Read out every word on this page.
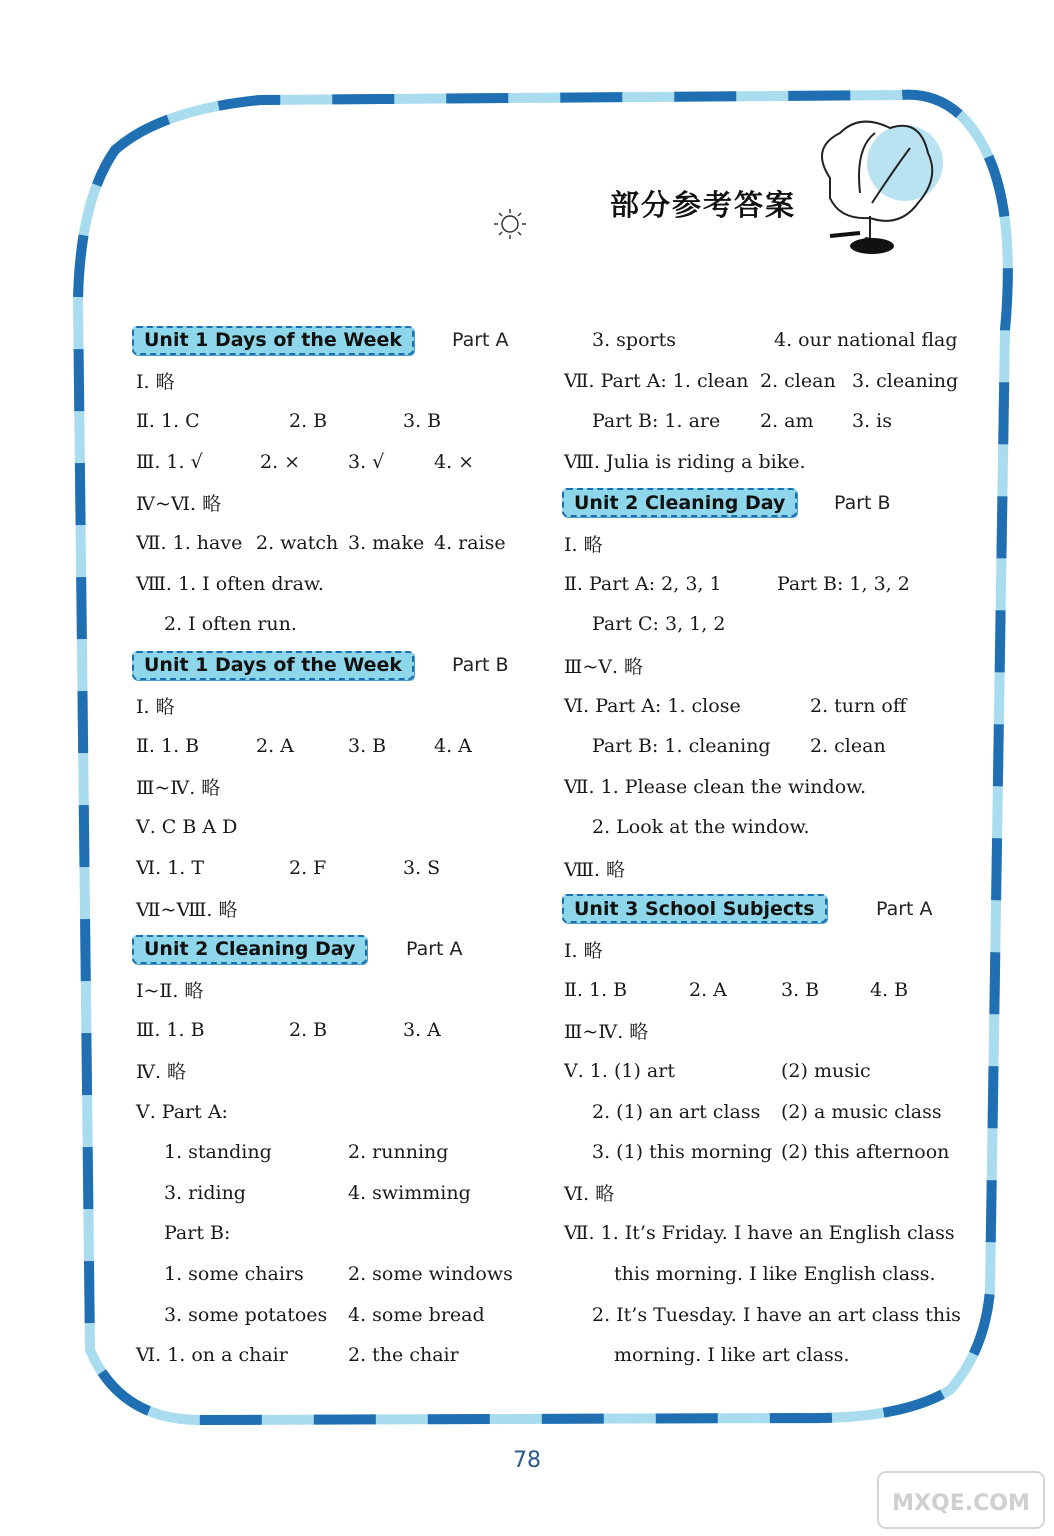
部分参考答案
Unit 1 Days of the Week	Part A
Ⅰ. 略
Ⅱ. 1. C	2. B	3. B
Ⅲ. 1. √	2. ×	3. √	4. ×
Ⅳ~Ⅵ. 略
Ⅶ. 1. have 2. watch 3. make 4. raise
Ⅷ. 1. I often draw.
2. I often run.
Unit 1 Days of the Week	Part B
Ⅰ. 略
Ⅱ. 1. B	2. A	3. B	4. A
Ⅲ~Ⅳ. 略
Ⅴ. C B A D
Ⅵ. 1. T	2. F	3. S
Ⅶ~Ⅷ. 略
Unit 2 Cleaning Day	Part A
Ⅰ~Ⅱ. 略
Ⅲ. 1. B	2. B	3. A
Ⅳ. 略
Ⅴ. Part A:
1. standing	2. running
3. riding	4. swimming
Part B:
1. some chairs 2. some windows
3. some potatoes 4. some bread
Ⅵ. 1. on a chair	2. the chair
3. sports	4. our national flag
Ⅶ. Part A: 1. clean 2. clean 3. cleaning
Part B: 1. are 2. am 3. is
Ⅷ. Julia is riding a bike.
Unit 2 Cleaning Day	Part B
Ⅰ. 略
Ⅱ. Part A: 2, 3, 1	Part B: 1, 3, 2
Part C: 3, 1, 2
Ⅲ~Ⅴ. 略
Ⅵ. Part A: 1. close	2. turn off
Part B: 1. cleaning 2. clean
Ⅶ. 1. Please clean the window.
2. Look at the window.
Ⅷ. 略
Unit 3 School Subjects	Part A
Ⅰ. 略
Ⅱ. 1. B	2. A	3. B	4. B
Ⅲ~Ⅳ. 略
Ⅴ. 1. (1) art	(2) music
2. (1) an art class (2) a music class
3. (1) this morning (2) this afternoon
Ⅵ. 略
Ⅶ. 1. It’s Friday. I have an English class
this morning. I like English class.
2. It’s Tuesday. I have an art class this
morning. I like art class.
78
MXQE.COM
